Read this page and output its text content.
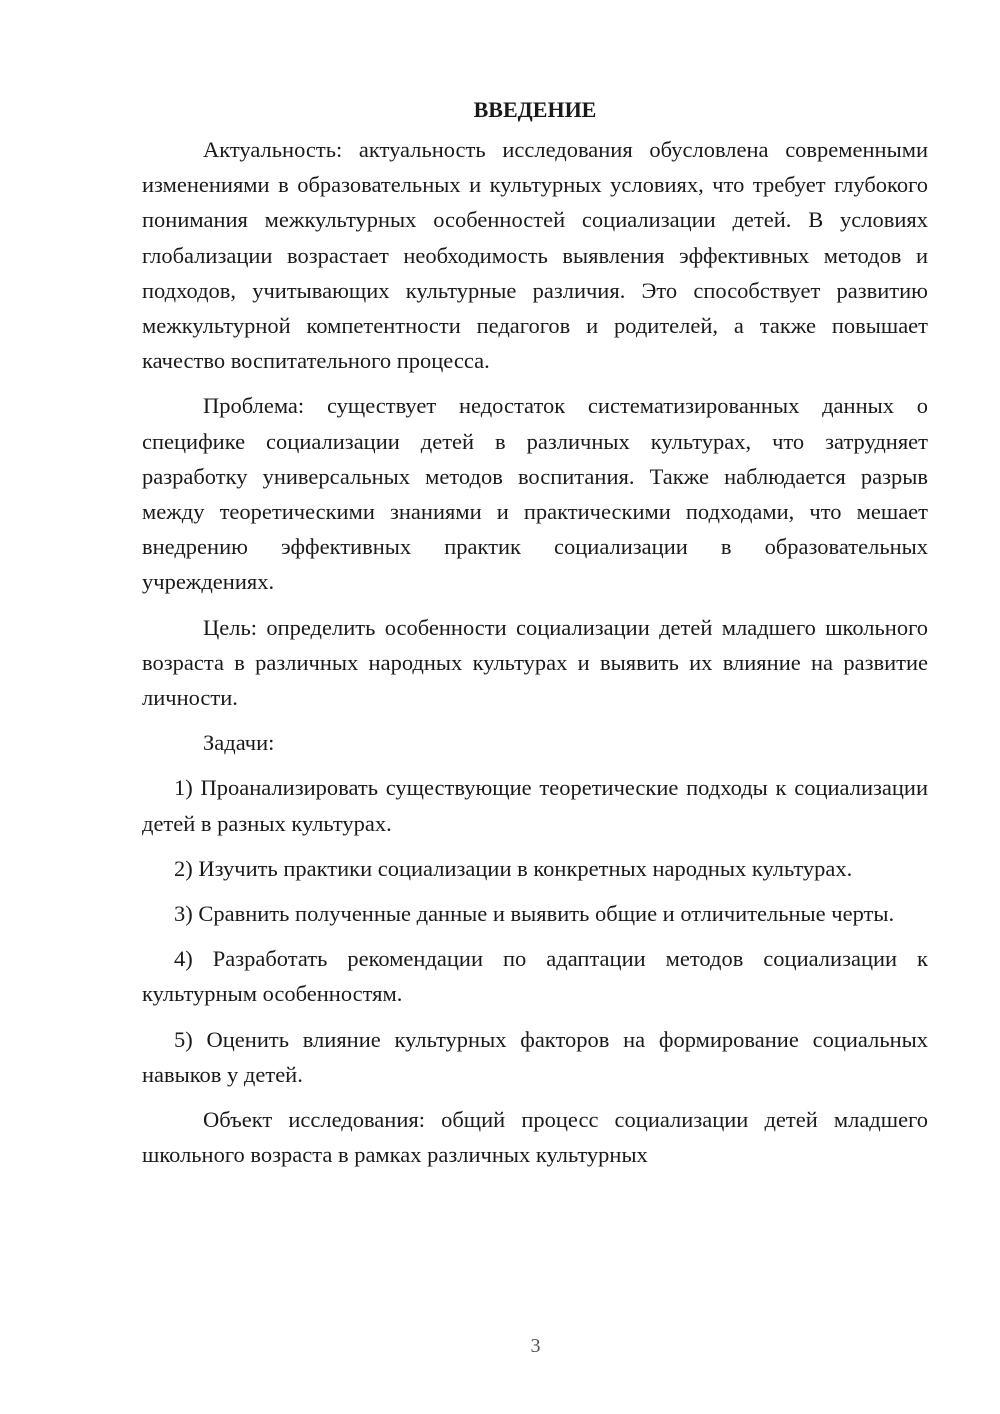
ВВЕДЕНИЕ

Актуальность: актуальность исследования обусловлена современными изменениями в образовательных и культурных условиях, что требует глубокого понимания межкультурных особенностей социализации детей. В условиях глобализации возрастает необходимость выявления эффективных методов и подходов, учитывающих культурные различия. Это способствует развитию межкультурной компетентности педагогов и родителей, а также повышает качество воспитательного процесса.

Проблема: существует недостаток систематизированных данных о специфике социализации детей в различных культурах, что затрудняет разработку универсальных методов воспитания. Также наблюдается разрыв между теоретическими знаниями и практическими подходами, что мешает внедрению эффективных практик социализации в образовательных учреждениях.

Цель: определить особенности социализации детей младшего школьного возраста в различных народных культурах и выявить их влияние на развитие личности.

Задачи:

1) Проанализировать существующие теоретические подходы к социализации детей в разных культурах.

2) Изучить практики социализации в конкретных народных культурах.

3) Сравнить полученные данные и выявить общие и отличительные черты.

4) Разработать рекомендации по адаптации методов социализации к культурным особенностям.

5) Оценить влияние культурных факторов на формирование социальных навыков у детей.

Объект исследования: общий процесс социализации детей младшего школьного возраста в рамках различных культурных

3
